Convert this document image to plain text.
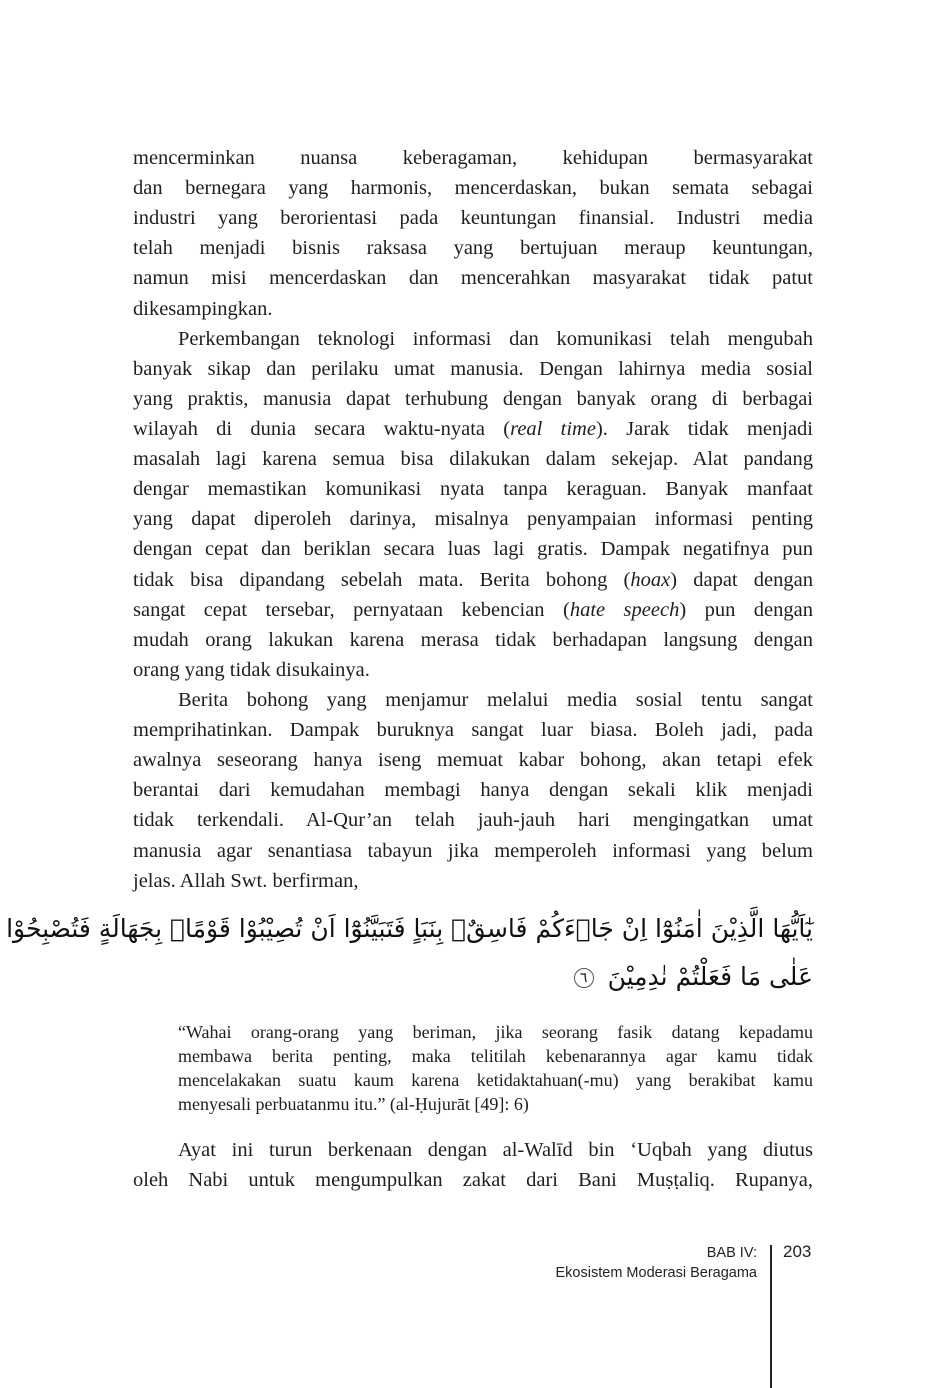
mencerminkan nuansa keberagaman, kehidupan bermasyarakat
dan bernegara yang harmonis, mencerdaskan, bukan semata sebagai
industri yang berorientasi pada keuntungan finansial. Industri media
telah menjadi bisnis raksasa yang bertujuan meraup keuntungan,
namun misi mencerdaskan dan mencerahkan masyarakat tidak patut
dikesampingkan.
Perkembangan teknologi informasi dan komunikasi telah mengubah
banyak sikap dan perilaku umat manusia. Dengan lahirnya media sosial
yang praktis, manusia dapat terhubung dengan banyak orang di berbagai
wilayah di dunia secara waktu-nyata (real time). Jarak tidak menjadi
masalah lagi karena semua bisa dilakukan dalam sekejap. Alat pandang
dengar memastikan komunikasi nyata tanpa keraguan. Banyak manfaat
yang dapat diperoleh darinya, misalnya penyampaian informasi penting
dengan cepat dan beriklan secara luas lagi gratis. Dampak negatifnya pun
tidak bisa dipandang sebelah mata. Berita bohong (hoax) dapat dengan
sangat cepat tersebar, pernyataan kebencian (hate speech) pun dengan
mudah orang lakukan karena merasa tidak berhadapan langsung dengan
orang yang tidak disukainya.
Berita bohong yang menjamur melalui media sosial tentu sangat
memprihatinkan. Dampak buruknya sangat luar biasa. Boleh jadi, pada
awalnya seseorang hanya iseng memuat kabar bohong, akan tetapi efek
berantai dari kemudahan membagi hanya dengan sekali klik menjadi
tidak terkendali. Al-Qur’an telah jauh-jauh hari mengingatkan umat
manusia agar senantiasa tabayun jika memperoleh informasi yang belum
jelas. Allah Swt. berfirman,
يٰٓاَيُّهَا الَّذِيْنَ اٰمَنُوْٓا اِنْ جَاۤءَكُمْ فَاسِقٌۢ بِنَبَاٍ فَتَبَيَّنُوْٓا اَنْ تُصِيْبُوْا قَوْمًاۢ بِجَهَالَةٍ فَتُصْبِحُوْا
عَلٰى مَا فَعَلْتُمْ نٰدِمِيْنَ ٦
“Wahai orang-orang yang beriman, jika seorang fasik datang kepadamu
membawa berita penting, maka telitilah kebenarannya agar kamu tidak
mencelakakan suatu kaum karena ketidaktahuan(-mu) yang berakibat kamu
menyesali perbuatanmu itu.” (al-Ḥujurāt [49]: 6)
Ayat ini turun berkenaan dengan al-Walīd bin ‘Uqbah yang diutus
oleh Nabi untuk mengumpulkan zakat dari Bani Muṣṭaliq. Rupanya,
BAB IV:
Ekosistem Moderasi Beragama
203
